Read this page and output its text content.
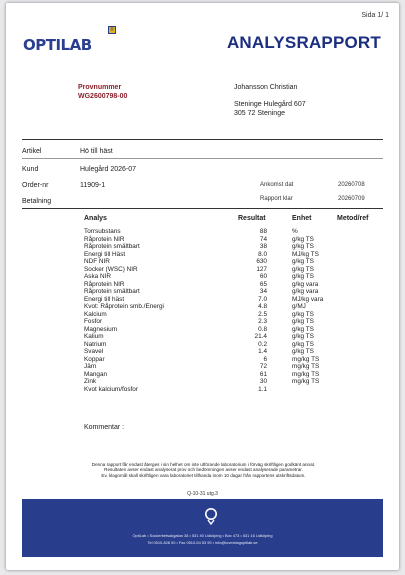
Sida 1/ 1
OPTILAB
®
ANALYSRAPPORT
Provnummer
WG2600798-00
Johansson Christian
Steninge Hulegård 607
305 72 Steninge
Artikel	Hö till häst
Kund	Hulegård 2026-07
Order-nr	11909-1	Ankomst dat	20260708
Rapport klar	20260709
Betalning
Analys	Resultat	Enhet	Metod/ref
Torrsubstans	88	%
Råprotein NIR	74	g/kg TS
Råprotein smältbart	38	g/kg TS
Energi till Häst	8.0	MJ/kg TS
NDF NIR	630	g/kg TS
Socker (WSC) NIR	127	g/kg TS
Aska NIR	60	g/kg TS
Råprotein NIR	65	g/kg vara
Råprotein smältbart	34	g/kg vara
Energi till häst	7.0	MJ/kg vara
Kvot: Råprotein smb./Energi	4.8	g/MJ
Kalcium	2.5	g/kg TS
Fosfor	2.3	g/kg TS
Magnesium	0.8	g/kg TS
Kalium	21.4	g/kg TS
Natrium	0.2	g/kg TS
Svavel	1.4	g/kg TS
Koppar	6	mg/kg TS
Järn	72	mg/kg TS
Mangan	61	mg/kg TS
Zink	30	mg/kg TS
Kvot kalcium/fosfor	1.1
Kommentar :
Denna rapport får endast återges i sin helhet om inte utförande laboratorium i förväg skriftligen godkänt annat.
Resultaten avser endast analyserat prov och bedömningen avser endast analyserade parametrar.
Ev. klagomål skall skriftligen vara laboratoriet tillhanda inom 10 dagar från rapportens utskriftsdatum.
Q-10-31 utg.3
OptiLab • Sockerbetsakgatan 38 • 531 40 Lidköping • Box 473 • 531 16 Lidköping
Tel 0510-828 00 • Fax 0510-54 53 99 • info@lovmeiagoptilab.se
